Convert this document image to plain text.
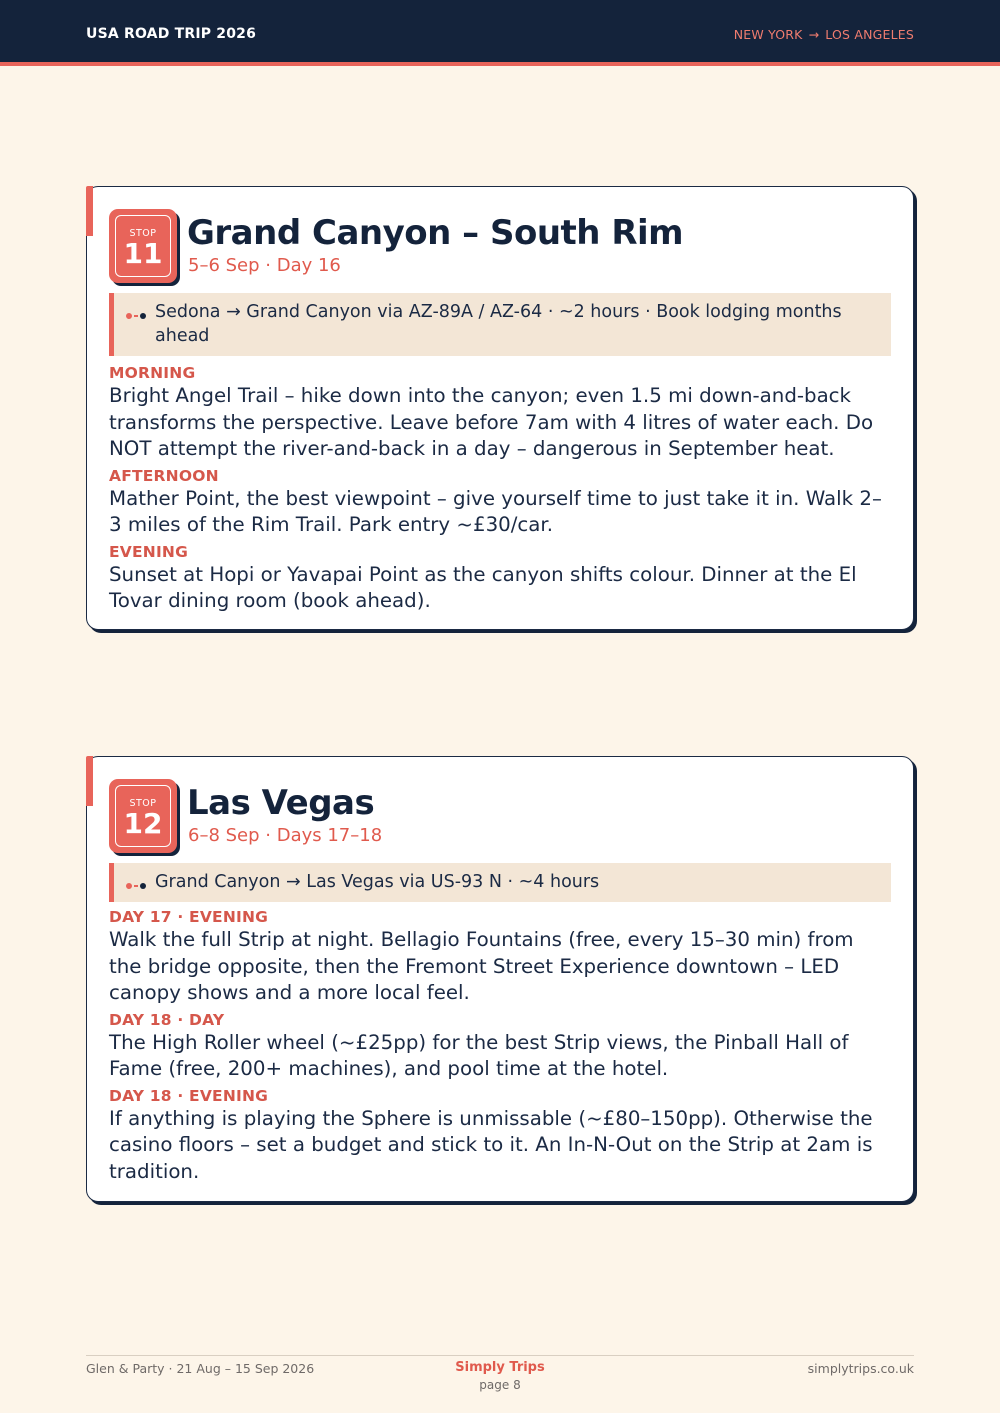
USA ROAD TRIP 2026	NEW YORK → LOS ANGELES
STOP
11
Grand Canyon – South Rim
5–6 Sep · Day 16
Sedona → Grand Canyon via AZ-89A / AZ-64 · ~2 hours · Book lodging months ahead
MORNING
Bright Angel Trail – hike down into the canyon; even 1.5 mi down-and-back transforms the perspective. Leave before 7am with 4 litres of water each. Do NOT attempt the river-and-back in a day – dangerous in September heat.
AFTERNOON
Mather Point, the best viewpoint – give yourself time to just take it in. Walk 2–3 miles of the Rim Trail. Park entry ~£30/car.
EVENING
Sunset at Hopi or Yavapai Point as the canyon shifts colour. Dinner at the El Tovar dining room (book ahead).
STOP
12
Las Vegas
6–8 Sep · Days 17–18
Grand Canyon → Las Vegas via US-93 N · ~4 hours
DAY 17 · EVENING
Walk the full Strip at night. Bellagio Fountains (free, every 15–30 min) from the bridge opposite, then the Fremont Street Experience downtown – LED canopy shows and a more local feel.
DAY 18 · DAY
The High Roller wheel (~£25pp) for the best Strip views, the Pinball Hall of Fame (free, 200+ machines), and pool time at the hotel.
DAY 18 · EVENING
If anything is playing the Sphere is unmissable (~£80–150pp). Otherwise the casino floors – set a budget and stick to it. An In-N-Out on the Strip at 2am is tradition.
Glen & Party · 21 Aug – 15 Sep 2026	Simply Trips
page 8
simplytrips.co.uk
